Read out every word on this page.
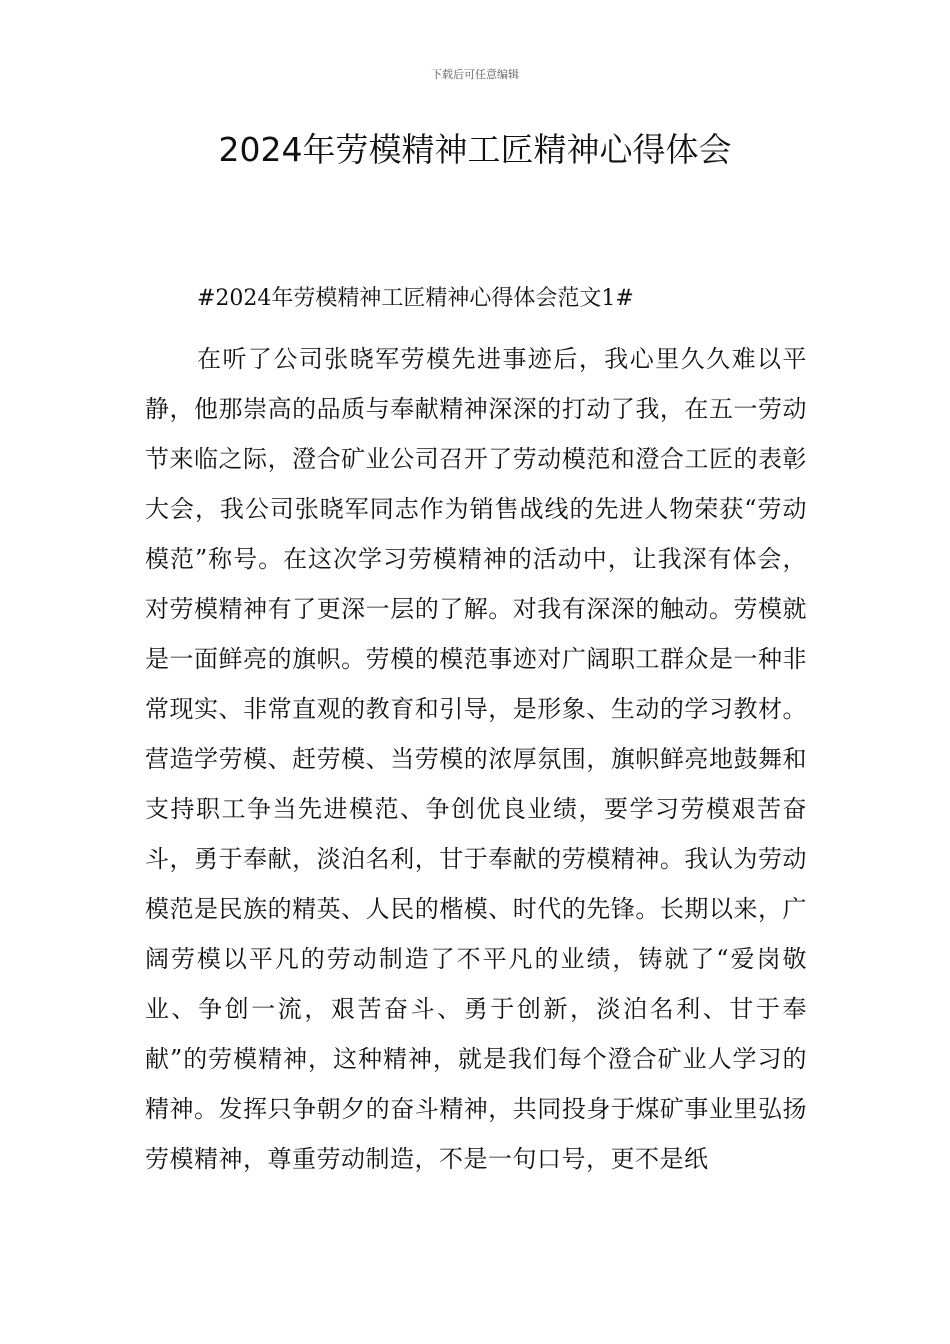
下载后可任意编辑
2024年劳模精神工匠精神心得体会
#2024年劳模精神工匠精神心得体会范文1#

在听了公司张晓军劳模先进事迹后，我心里久久难以平静，他那崇高的品质与奉献精神深深的打动了我，在五一劳动节来临之际，澄合矿业公司召开了劳动模范和澄合工匠的表彰大会，我公司张晓军同志作为销售战线的先进人物荣获“劳动模范”称号。在这次学习劳模精神的活动中，让我深有体会，对劳模精神有了更深一层的了解。对我有深深的触动。劳模就是一面鲜亮的旗帜。劳模的模范事迹对广阔职工群众是一种非常现实、非常直观的教育和引导，是形象、生动的学习教材。营造学劳模、赶劳模、当劳模的浓厚氛围，旗帜鲜亮地鼓舞和支持职工争当先进模范、争创优良业绩，要学习劳模艰苦奋斗，勇于奉献，淡泊名利，甘于奉献的劳模精神。我认为劳动模范是民族的精英、人民的楷模、时代的先锋。长期以来，广阔劳模以平凡的劳动制造了不平凡的业绩，铸就了“爱岗敬业、争创一流，艰苦奋斗、勇于创新，淡泊名利、甘于奉献”的劳模精神，这种精神，就是我们每个澄合矿业人学习的精神。发挥只争朝夕的奋斗精神，共同投身于煤矿事业里弘扬劳模精神，尊重劳动制造，不是一句口号，更不是纸
